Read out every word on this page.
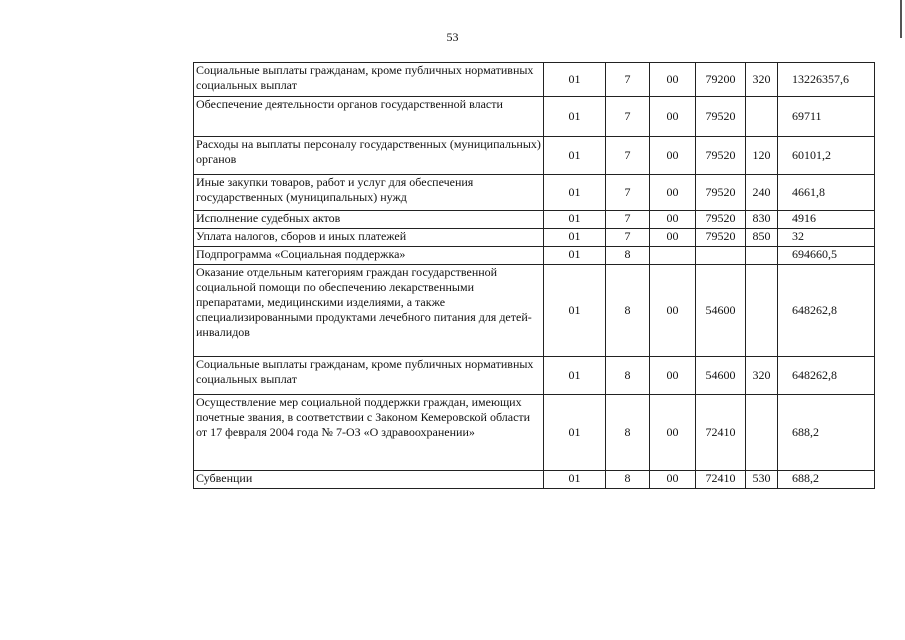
53
Социальные выплаты гражданам, кроме публичных нормативных социальных выплат	01	7	00	79200	320	13226357,6
Обеспечение деятельности органов государственной власти	01	7	00	79520		69711
Расходы на выплаты персоналу государственных (муниципальных) органов	01	7	00	79520	120	60101,2
Иные закупки товаров, работ и услуг для обеспечения государственных (муниципальных) нужд	01	7	00	79520	240	4661,8
Исполнение судебных актов	01	7	00	79520	830	4916
Уплата налогов, сборов и иных платежей	01	7	00	79520	850	32
Подпрограмма «Социальная поддержка»	01	8				694660,5
Оказание отдельным категориям граждан государственной социальной помощи по обеспечению лекарственными препаратами, медицинскими изделиями, а также специализированными продуктами лечебного питания для детей-инвалидов	01	8	00	54600		648262,8
Социальные выплаты гражданам, кроме публичных нормативных социальных выплат	01	8	00	54600	320	648262,8
Осуществление мер социальной поддержки граждан, имеющих почетные звания, в соответствии с Законом Кемеровской области от 17 февраля 2004 года № 7-ОЗ «О здравоохранении»	01	8	00	72410		688,2
Субвенции	01	8	00	72410	530	688,2
